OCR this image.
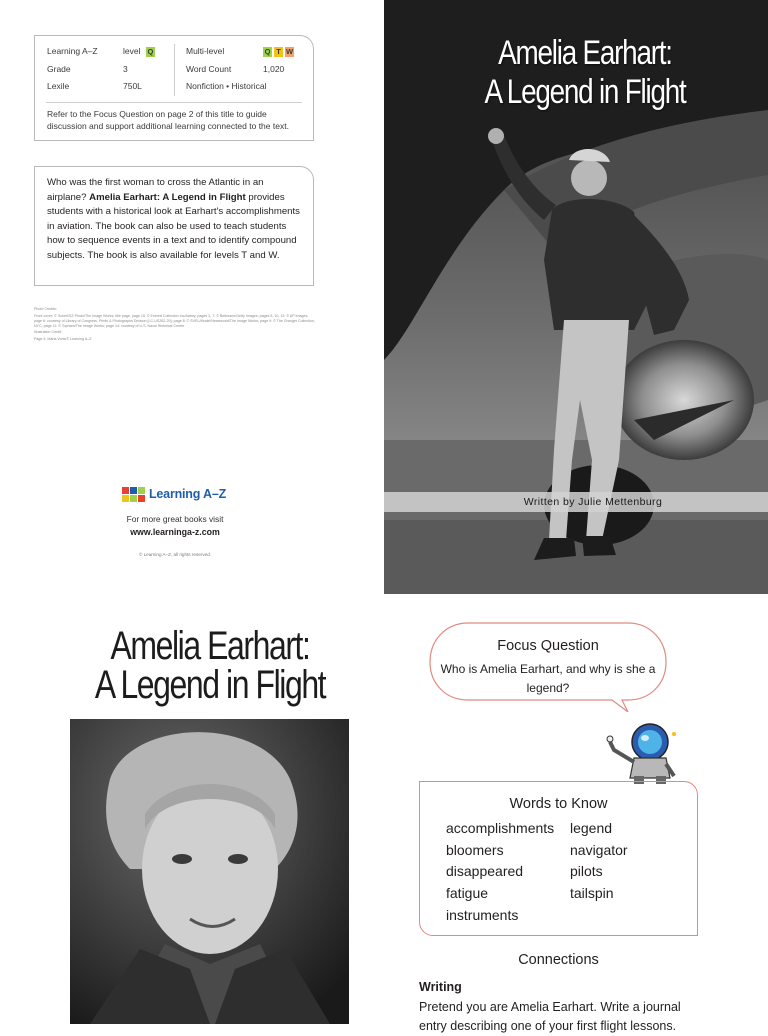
Learning A–Z
Grade
Lexile
level Q
3
750L
Multi-level
Word Count
Nonfiction • Historical
Q T W
1,020
Refer to the Focus Question on page 2 of this title to guide discussion and support additional learning connected to the text.
Who was the first woman to cross the Atlantic in an airplane? Amelia Earhart: A Legend in Flight provides students with a historical look at Earhart's accomplishments in aviation. The book can also be used to teach students how to sequence events in a text and to identify compound subjects. The book is also available for levels T and W.

Photo Credits:

Front cover: © Scherl/SZ Photo/The Image Works; title page, page 15: © Everett Collection Inc/Alamy; pages 3, 7: © Bettmann/Getty Images; pages 5, 10, 13: © AP Images; page 6: courtesy of Library of Congress, Prints & Photographs Division [LC-USZ62-20]; page 8: © SVEL/Model/Newsworld/The Image Works; page 9: © The Granger Collection, NYC; page 11: © Topham/The Image Works; page 14: courtesy of U.S. Naval Historical Center

Illustration Credit:

Page 4: Maria Voris/© Learning A–Z

Learning A–Z
For more great books visit
www.learninga-z.com
© Learning A–Z, all rights reserved.
Amelia Earhart:
A Legend in Flight
Written by Julie Mettenburg
Amelia Earhart:
A Legend in Flight
Focus Question
Who is Amelia Earhart, and why is she a legend?
Words to Know
accomplishments
bloomers
disappeared
fatigue
instruments
legend
navigator
pilots
tailspin
Connections
Writing
Pretend you are Amelia Earhart. Write a journal entry describing one of your first flight lessons.
